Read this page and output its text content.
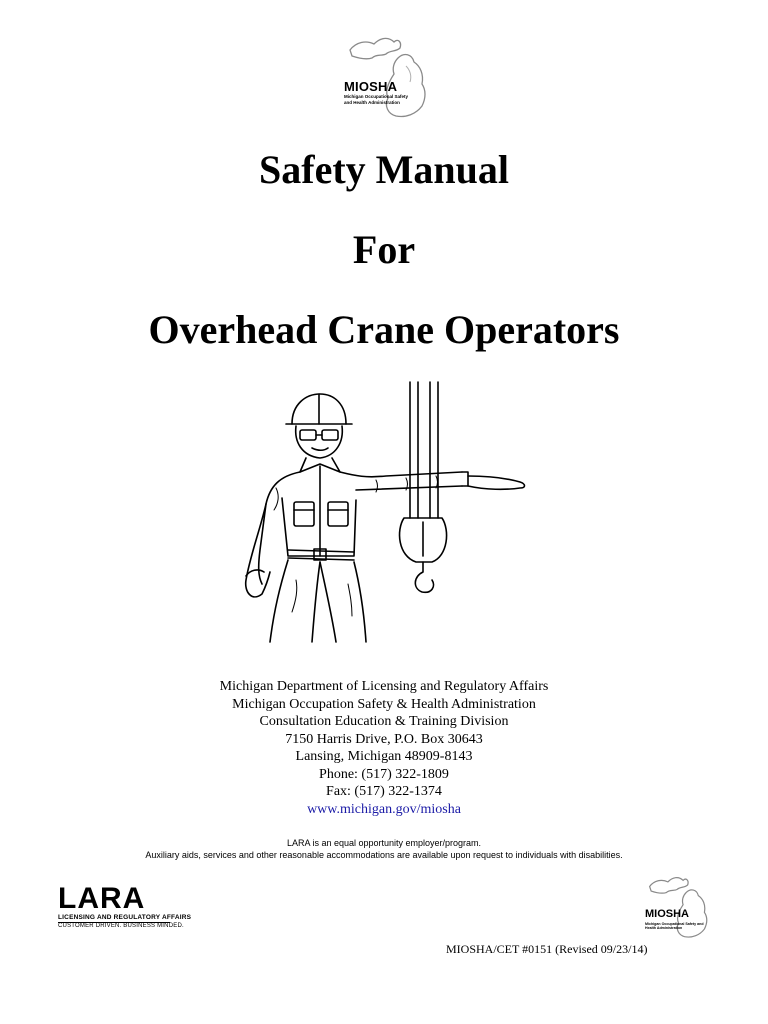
MIOSHA
Michigan Occupational Safety and Health Administration
Safety Manual
For
Overhead Crane Operators
Michigan Department of Licensing and Regulatory Affairs
Michigan Occupation Safety & Health Administration
Consultation Education & Training Division
7150 Harris Drive, P.O. Box 30643
Lansing, Michigan 48909-8143
Phone: (517) 322-1809
Fax: (517) 322-1374
www.michigan.gov/miosha
LARA is an equal opportunity employer/program.
Auxiliary aids, services and other reasonable accommodations are available upon request to individuals with disabilities.
LARA
LICENSING AND REGULATORY AFFAIRS
CUSTOMER DRIVEN. BUSINESS MINDED.
MIOSHA
Michigan Occupational Safety and Health Administration
MIOSHA/CET #0151 (Revised 09/23/14)
